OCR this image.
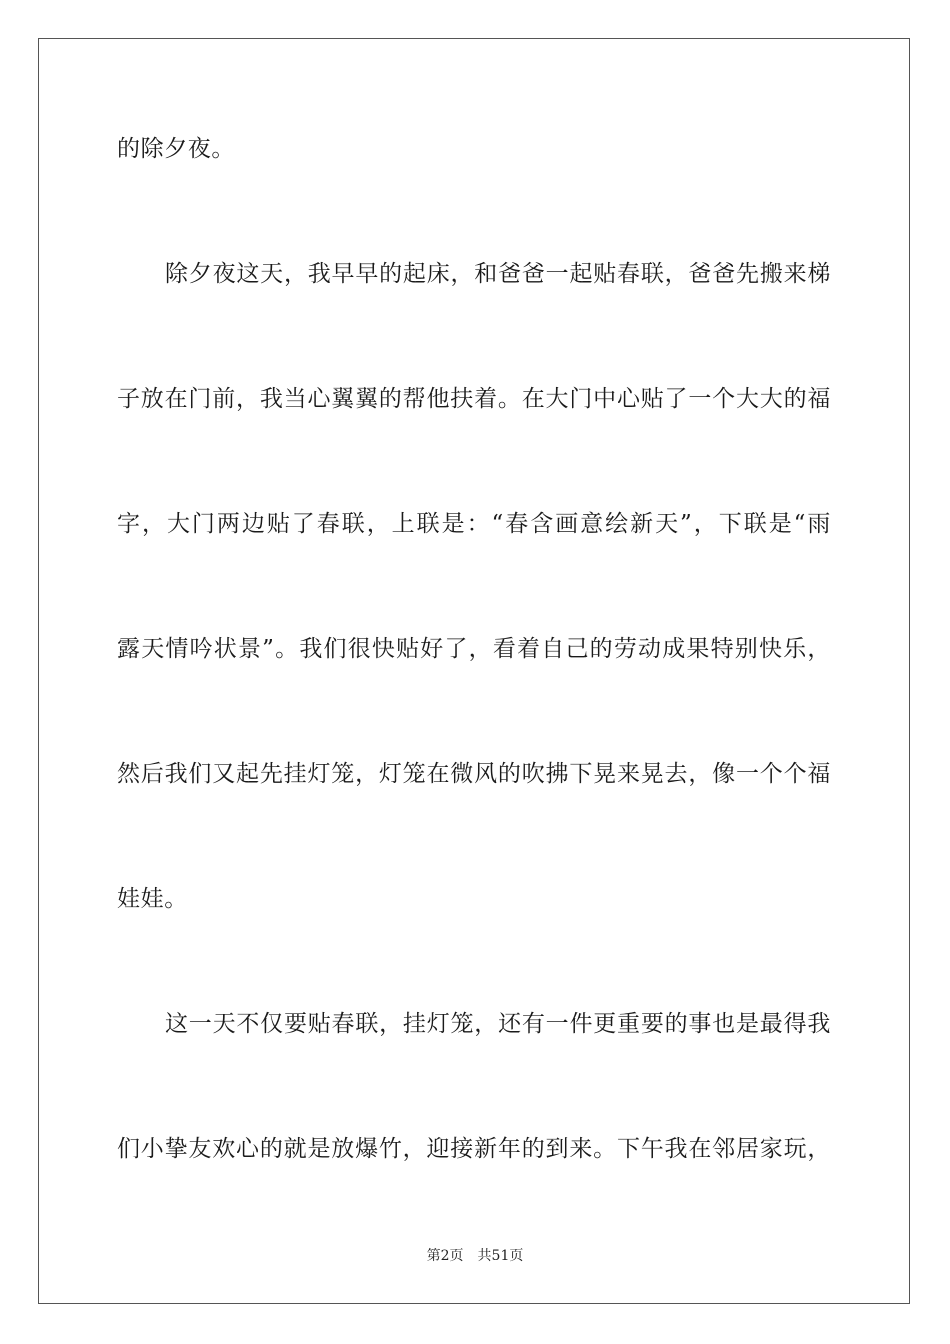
的除夕夜。
除夕夜这天，我早早的起床，和爸爸一起贴春联，爸爸先搬来梯
子放在门前，我当心翼翼的帮他扶着。在大门中心贴了一个大大的福
字，大门两边贴了春联，上联是：“春含画意绘新天”，下联是“雨
露天情吟状景”。我们很快贴好了，看着自己的劳动成果特别快乐，
然后我们又起先挂灯笼，灯笼在微风的吹拂下晃来晃去，像一个个福
娃娃。
这一天不仅要贴春联，挂灯笼，还有一件更重要的事也是最得我
们小挚友欢心的就是放爆竹，迎接新年的到来。下午我在邻居家玩，
第2页　共51页
